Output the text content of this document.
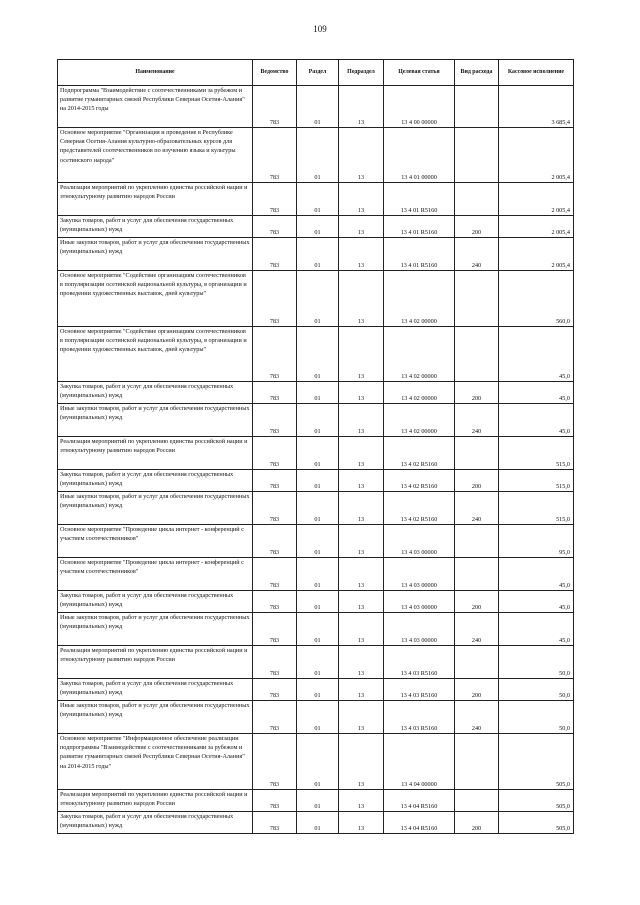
109
Наименование	Ведомство	Раздел	Подраздел	Целевая статья	Вид расхода	Кассовое исполнение
Подпрограмма "Взаимодействие с соотечественниками за рубежом и развитие гуманитарных связей Республики Северная Осетия-Алания" на 2014-2015 годы	783	01	13	13 4 00 00000		3 685,4
Основное мероприятие "Организация и проведение в Республике Северная Осетия-Алания культурно-образовательных курсов для представителей соотечественников по изучению языка и культуры осетинского народа"	783	01	13	13 4 01 00000		2 005,4
Реализация мероприятий по укреплению единства российской нации и этнокультурному развитию народов России	783	01	13	13 4 01 R5160		2 005,4
Закупка товаров, работ и услуг для обеспечения государственных (муниципальных) нужд	783	01	13	13 4 01 R5160	200	2 005,4
Иные закупки товаров, работ и услуг для обеспечения государственных (муниципальных) нужд	783	01	13	13 4 01 R5160	240	2 005,4
Основное мероприятие "Содействие организациям соотечественников в популяризации осетинской национальной культуры, в организации и проведении художественных выставок, дней культуры"	783	01	13	13 4 02 00000		560,0
Основное мероприятие "Содействие организациям соотечественников в популяризации осетинской национальной культуры, в организации и проведении художественных выставок, дней культуры"	783	01	13	13 4 02 00000		45,0
Закупка товаров, работ и услуг для обеспечения государственных (муниципальных) нужд	783	01	13	13 4 02 00000	200	45,0
Иные закупки товаров, работ и услуг для обеспечения государственных (муниципальных) нужд	783	01	13	13 4 02 00000	240	45,0
Реализация мероприятий по укреплению единства российской нации и этнокультурному развитию народов России	783	01	13	13 4 02 R5160		515,0
Закупка товаров, работ и услуг для обеспечения государственных (муниципальных) нужд	783	01	13	13 4 02 R5160	200	515,0
Иные закупки товаров, работ и услуг для обеспечения государственных (муниципальных) нужд	783	01	13	13 4 02 R5160	240	515,0
Основное мероприятие "Проведение цикла интернет - конференций с участием соотечественников"	783	01	13	13 4 03 00000		95,0
Основное мероприятие "Проведение цикла интернет - конференций с участием соотечественников"	783	01	13	13 4 03 00000		45,0
Закупка товаров, работ и услуг для обеспечения государственных (муниципальных) нужд	783	01	13	13 4 03 00000	200	45,0
Иные закупки товаров, работ и услуг для обеспечения государственных (муниципальных) нужд	783	01	13	13 4 03 00000	240	45,0
Реализация мероприятий по укреплению единства российской нации и этнокультурному развитию народов России	783	01	13	13 4 03 R5160		50,0
Закупка товаров, работ и услуг для обеспечения государственных (муниципальных) нужд	783	01	13	13 4 03 R5160	200	50,0
Иные закупки товаров, работ и услуг для обеспечения государственных (муниципальных) нужд	783	01	13	13 4 03 R5160	240	50,0
Основное мероприятие "Информационное обеспечение реализации подпрограммы "Взаимодействие с соотечественниками за рубежом и развитие гуманитарных связей Республики Северная Осетия-Алания" на 2014-2015 годы"	783	01	13	13 4 04 00000		505,0
Реализация мероприятий по укреплению единства российской нации и этнокультурному развитию народов России	783	01	13	13 4 04 R5160		505,0
Закупка товаров, работ и услуг для обеспечения государственных (муниципальных) нужд	783	01	13	13 4 04 R5160	200	505,0
